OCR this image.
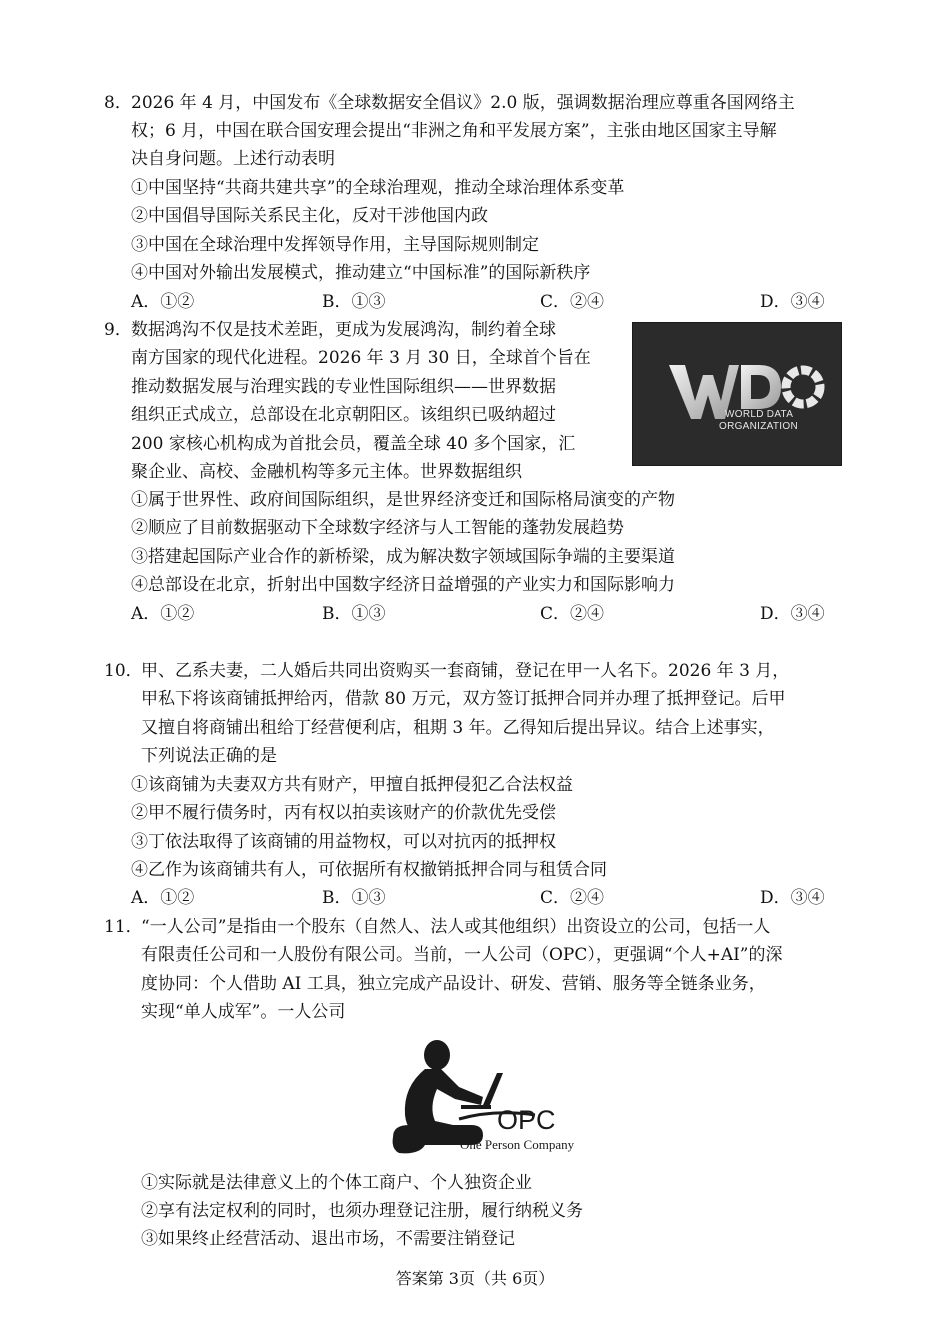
8． 2026 年 4 月，中国发布《全球数据安全倡议》2.0 版，强调数据治理应尊重各国网络主
权；6 月，中国在联合国安理会提出“非洲之角和平发展方案”，主张由地区国家主导解
决自身问题。上述行动表明
①中国坚持“共商共建共享”的全球治理观，推动全球治理体系变革
②中国倡导国际关系民主化，反对干涉他国内政
③中国在全球治理中发挥领导作用，主导国际规则制定
④中国对外输出发展模式，推动建立“中国标准”的国际新秩序
A．①②	B．①③	C．②④	D．③④
9． 数据鸿沟不仅是技术差距，更成为发展鸿沟，制约着全球
南方国家的现代化进程。2026 年 3 月 30 日，全球首个旨在
推动数据发展与治理实践的专业性国际组织——世界数据
组织正式成立，总部设在北京朝阳区。该组织已吸纳超过
200 家核心机构成为首批会员，覆盖全球 40 多个国家，汇
聚企业、高校、金融机构等多元主体。世界数据组织
WORLD DATA
ORGANIZATION
①属于世界性、政府间国际组织，是世界经济变迁和国际格局演变的产物
②顺应了目前数据驱动下全球数字经济与人工智能的蓬勃发展趋势
③搭建起国际产业合作的新桥梁，成为解决数字领域国际争端的主要渠道
④总部设在北京，折射出中国数字经济日益增强的产业实力和国际影响力
A．①②	B．①③	C．②④	D．③④
10．
甲、乙系夫妻，二人婚后共同出资购买一套商铺，登记在甲一人名下。2026 年 3 月，
甲私下将该商铺抵押给丙，借款 80 万元，双方签订抵押合同并办理了抵押登记。后甲
又擅自将商铺出租给丁经营便利店，租期 3 年。乙得知后提出异议。结合上述事实，
下列说法正确的是
①该商铺为夫妻双方共有财产，甲擅自抵押侵犯乙合法权益
②甲不履行债务时，丙有权以拍卖该财产的价款优先受偿
③丁依法取得了该商铺的用益物权，可以对抗丙的抵押权
④乙作为该商铺共有人，可依据所有权撤销抵押合同与租赁合同
A．①②	B．①③	C．②④	D．③④
11．
“一人公司”是指由一个股东（自然人、法人或其他组织）出资设立的公司，包括一人
有限责任公司和一人股份有限公司。当前，一人公司（OPC），更强调“个人+AI”的深
度协同：个人借助 AI 工具，独立完成产品设计、研发、营销、服务等全链条业务，
实现“单人成军”。一人公司
OPC
One Person Company
①实际就是法律意义上的个体工商户、个人独资企业
②享有法定权利的同时，也须办理登记注册，履行纳税义务
③如果终止经营活动、退出市场，不需要注销登记
答案第 3页（共 6页）
